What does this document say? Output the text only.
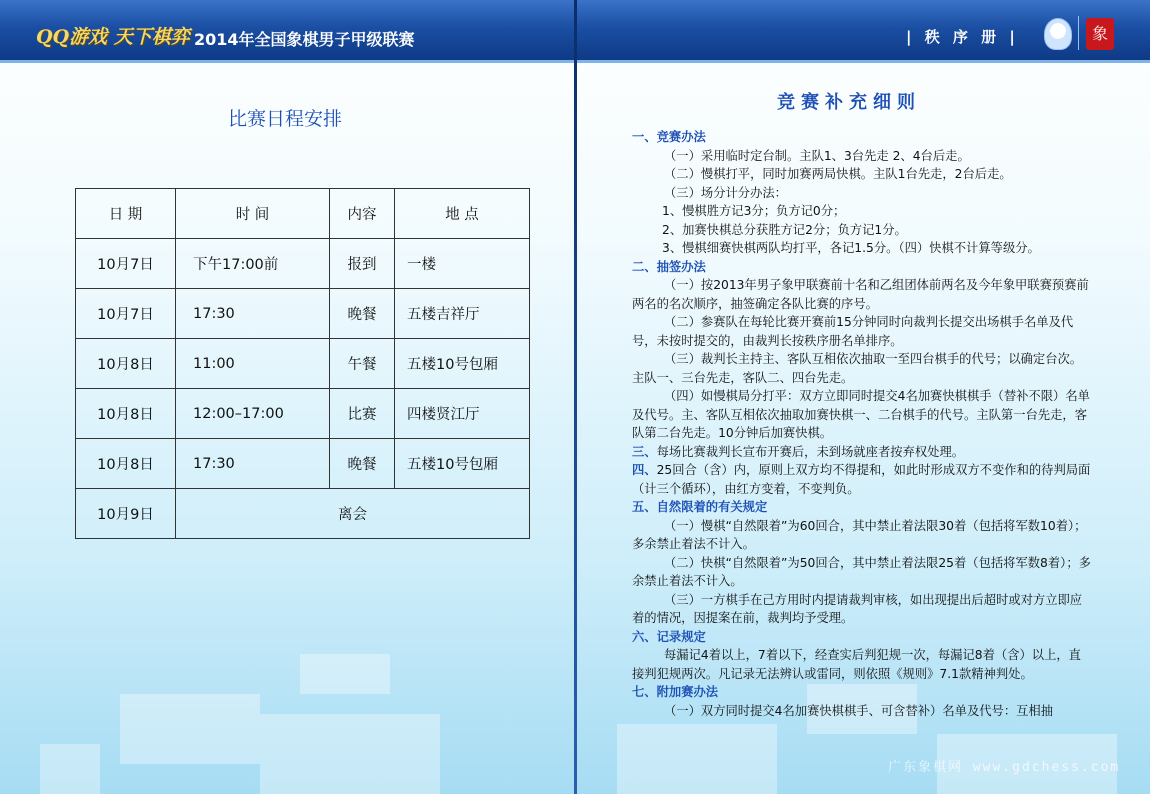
QQ游戏 天下棋弈 2014年全国象棋男子甲级联赛	| 秩 序 册 |	象
比赛日程安排
日 期	时 间	内容	地 点
10月7日	下午17:00前	报到	一楼
10月7日	17:30	晚餐	五楼吉祥厅
10月8日	11:00	午餐	五楼10号包厢
10月8日	12:00–17:00	比赛	四楼贤江厅
10月8日	17:30	晚餐	五楼10号包厢
10月9日	离会		
竞赛补充细则

一、竞赛办法

（一）采用临时定台制。主队1、3台先走 2、4台后走。

（二）慢棋打平，同时加赛两局快棋。主队1台先走，2台后走。

（三）场分计分办法：

1、慢棋胜方记3分；负方记0分；

2、加赛快棋总分获胜方记2分；负方记1分。

3、慢棋细赛快棋两队均打平，各记1.5分。（四）快棋不计算等级分。

二、抽签办法

（一）按2013年男子象甲联赛前十名和乙组团体前两名及今年象甲联赛预赛前两名的名次顺序，抽签确定各队比赛的序号。

（二）参赛队在每轮比赛开赛前15分钟同时向裁判长提交出场棋手名单及代号，未按时提交的，由裁判长按秩序册名单排序。

（三）裁判长主持主、客队互相依次抽取一至四台棋手的代号；以确定台次。主队一、三台先走，客队二、四台先走。

（四）如慢棋局分打平：双方立即同时提交4名加赛快棋棋手（替补不限）名单及代号。主、客队互相依次抽取加赛快棋一、二台棋手的代号。主队第一台先走，客队第二台先走。10分钟后加赛快棋。

三、每场比赛裁判长宣布开赛后，未到场就座者按弃权处理。

四、25回合（含）内，原则上双方均不得提和，如此时形成双方不变作和的待判局面（计三个循环），由红方变着，不变判负。

五、自然限着的有关规定

（一）慢棋“自然限着”为60回合，其中禁止着法限30着（包括将军数10着）；多余禁止着法不计入。

（二）快棋“自然限着”为50回合，其中禁止着法限25着（包括将军数8着）；多余禁止着法不计入。

（三）一方棋手在己方用时内提请裁判审核，如出现提出后超时或对方立即应着的情况，因提案在前，裁判均予受理。

六、记录规定

每漏记4着以上，7着以下，经查实后判犯规一次，每漏记8着（含）以上，直接判犯规两次。凡记录无法辨认或雷同，则依照《规则》7.1款精神判处。

七、附加赛办法

（一）双方同时提交4名加赛快棋棋手、可含替补）名单及代号：互相抽

广东象棋网 www.gdchess.com
